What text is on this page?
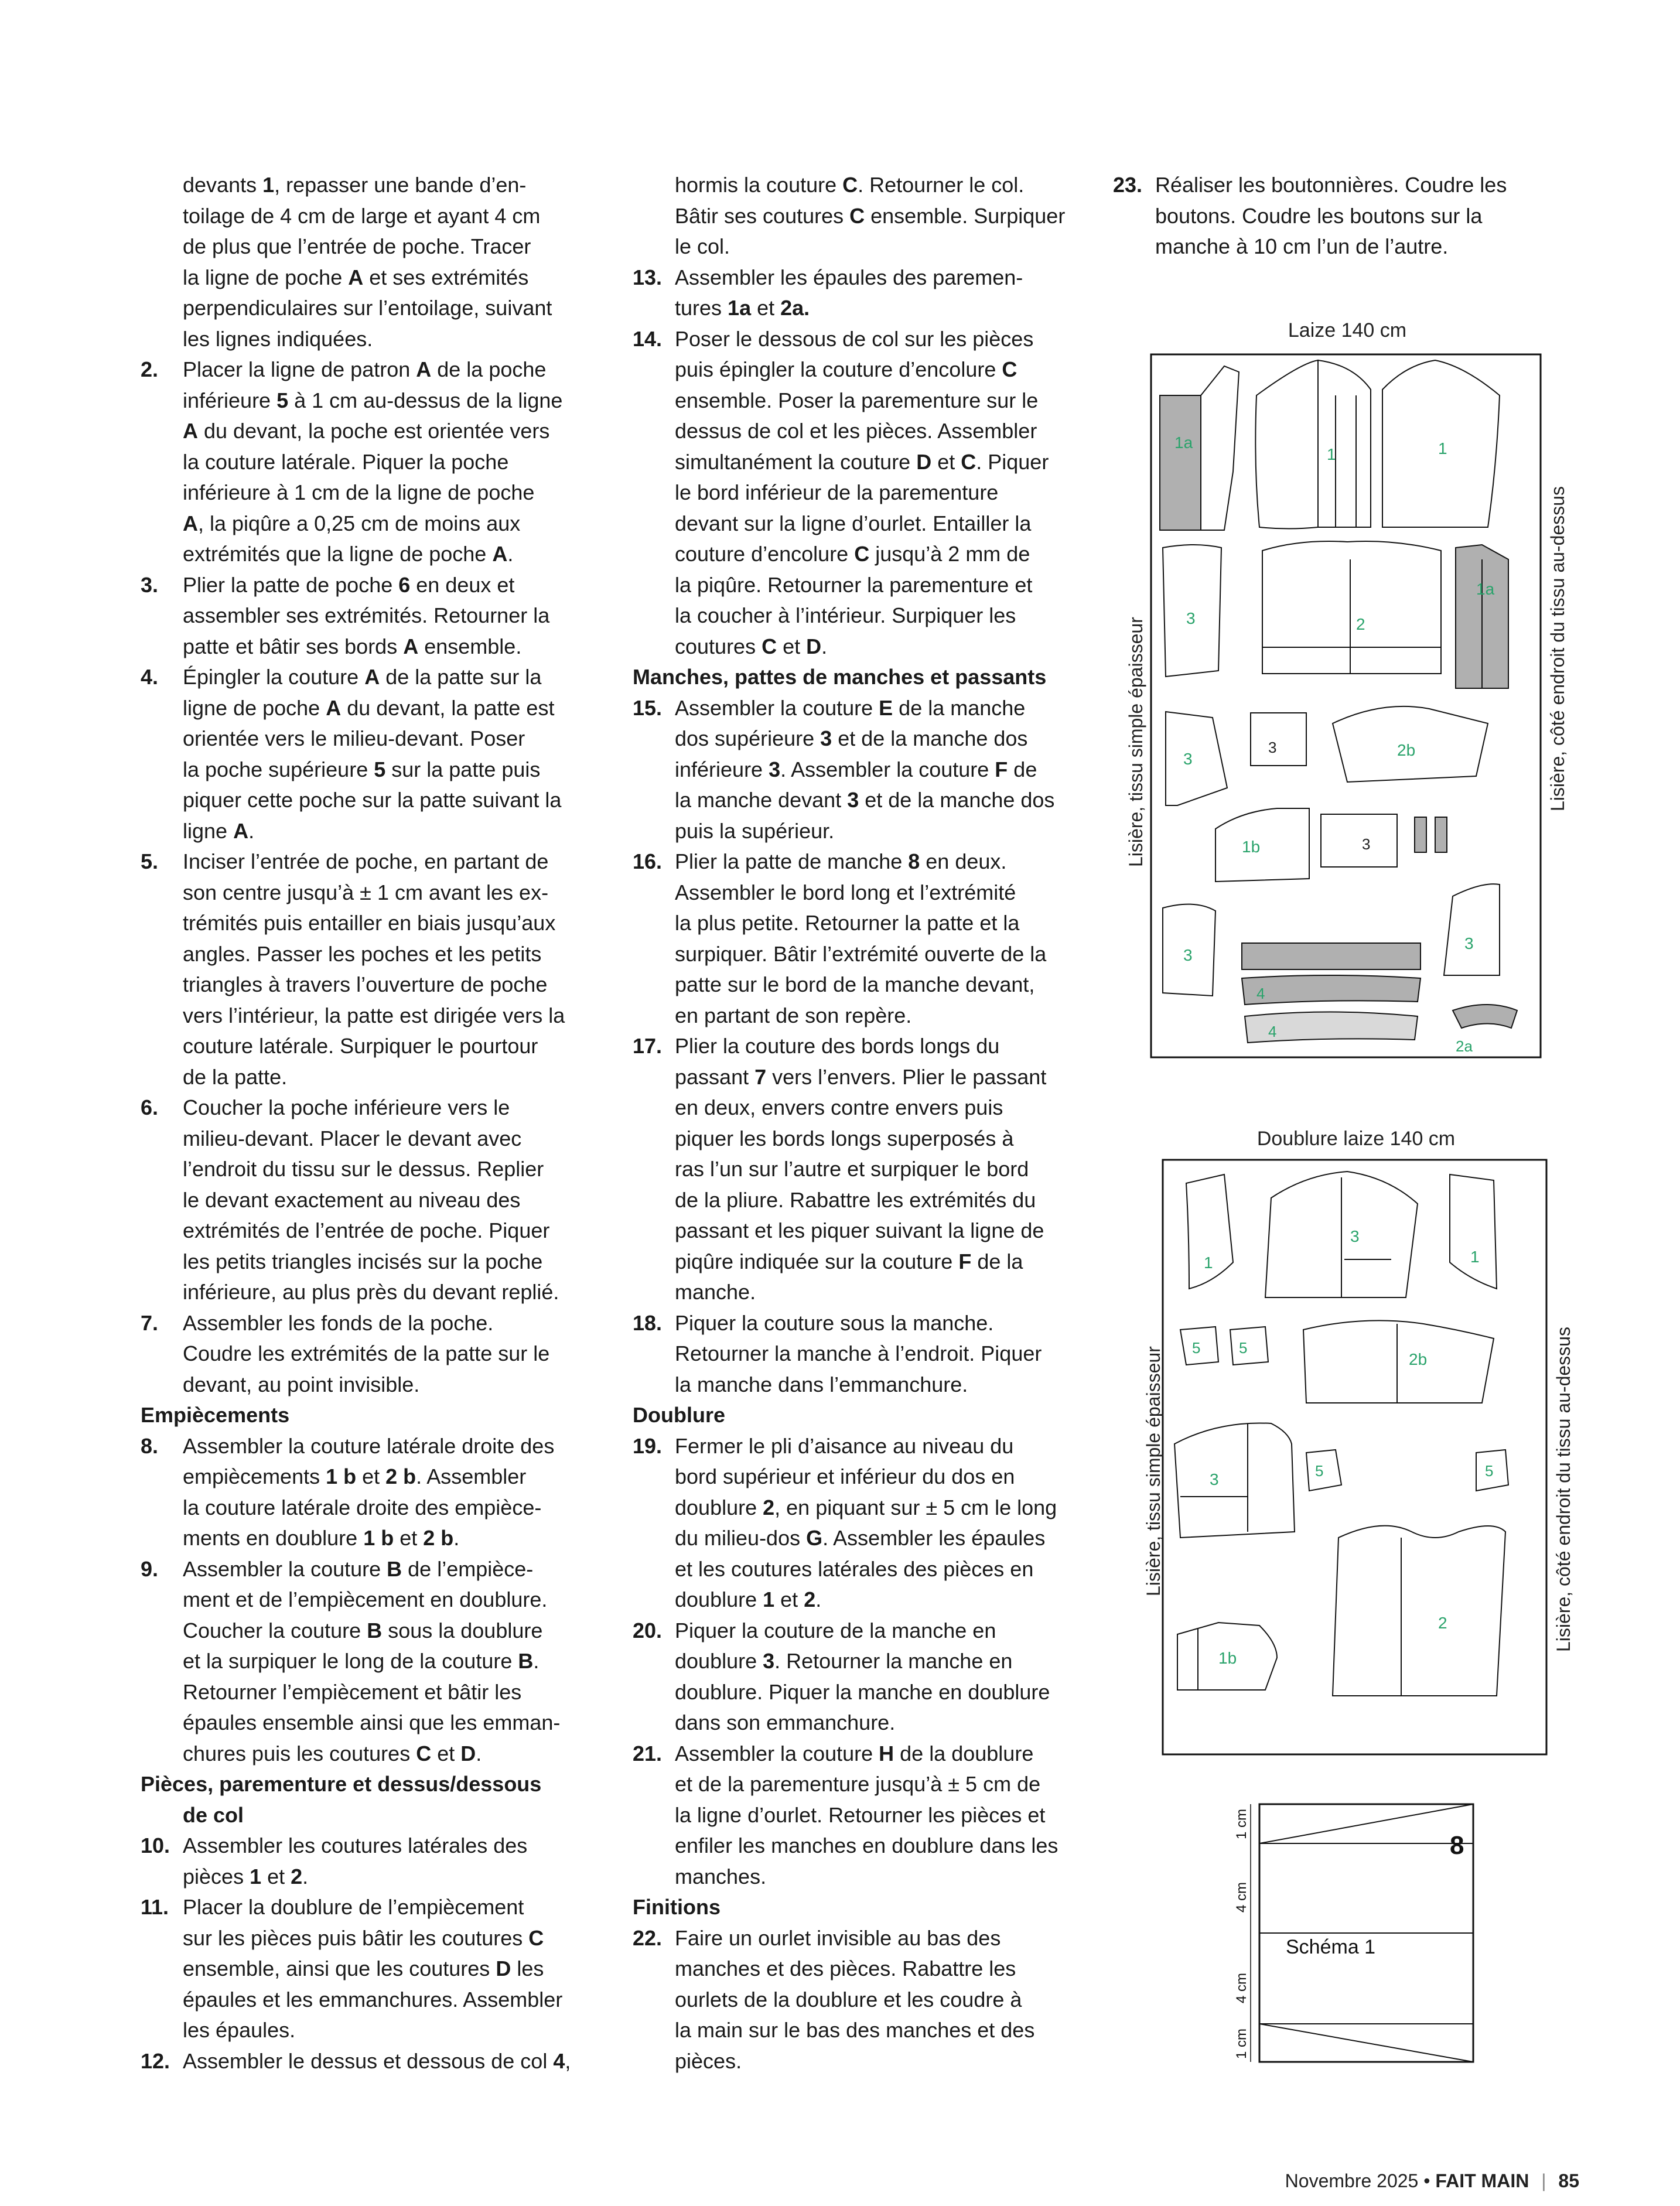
devants 1, repasser une bande d’en-
toilage de 4 cm de large et ayant 4 cm
de plus que l’entrée de poche. Tracer
la ligne de poche A et ses extrémités
perpendiculaires sur l’entoilage, suivant
les lignes indiquées.
2. Placer la ligne de patron A de la poche
inférieure 5 à 1 cm au-dessus de la ligne
A du devant, la poche est orientée vers
la couture latérale. Piquer la poche
inférieure à 1 cm de la ligne de poche
A, la piqûre a 0,25 cm de moins aux
extrémités que la ligne de poche A.
3. Plier la patte de poche 6 en deux et
assembler ses extrémités. Retourner la
patte et bâtir ses bords A ensemble.
4. Épingler la couture A de la patte sur la
ligne de poche A du devant, la patte est
orientée vers le milieu-devant. Poser
la poche supérieure 5 sur la patte puis
piquer cette poche sur la patte suivant la
ligne A.
5. Inciser l’entrée de poche, en partant de
son centre jusqu’à ± 1 cm avant les ex-
trémités puis entailler en biais jusqu’aux
angles. Passer les poches et les petits
triangles à travers l’ouverture de poche
vers l’intérieur, la patte est dirigée vers la
couture latérale. Surpiquer le pourtour
de la patte.
6. Coucher la poche inférieure vers le
milieu-devant. Placer le devant avec
l’endroit du tissu sur le dessus. Replier
le devant exactement au niveau des
extrémités de l’entrée de poche. Piquer
les petits triangles incisés sur la poche
inférieure, au plus près du devant replié.
7. Assembler les fonds de la poche.
Coudre les extrémités de la patte sur le
devant, au point invisible.
Empiècements
8. Assembler la couture latérale droite des
empiècements 1 b et 2 b. Assembler
la couture latérale droite des empièce-
ments en doublure 1 b et 2 b.
9. Assembler la couture B de l’empièce-
ment et de l’empiècement en doublure.
Coucher la couture B sous la doublure
et la surpiquer le long de la couture B.
Retourner l’empiècement et bâtir les
épaules ensemble ainsi que les emman-
chures puis les coutures C et D.
Pièces, parementure et dessus/dessous
de col
10. Assembler les coutures latérales des
pièces 1 et 2.
11. Placer la doublure de l’empiècement
sur les pièces puis bâtir les coutures C
ensemble, ainsi que les coutures D les
épaules et les emmanchures. Assembler
les épaules.
12. Assembler le dessus et dessous de col 4,
hormis la couture C. Retourner le col.
Bâtir ses coutures C ensemble. Surpiquer
le col.
13. Assembler les épaules des paremen-
tures 1a et 2a.
14. Poser le dessous de col sur les pièces
puis épingler la couture d’encolure C
ensemble. Poser la parementure sur le
dessus de col et les pièces. Assembler
simultanément la couture D et C. Piquer
le bord inférieur de la parementure
devant sur la ligne d’ourlet. Entailler la
couture d’encolure C jusqu’à 2 mm de
la piqûre. Retourner la parementure et
la coucher à l’intérieur. Surpiquer les
coutures C et D.
Manches, pattes de manches et passants
15. Assembler la couture E de la manche
dos supérieure 3 et de la manche dos
inférieure 3. Assembler la couture F de
la manche devant 3 et de la manche dos
puis la supérieur.
16. Plier la patte de manche 8 en deux.
Assembler le bord long et l’extrémité
la plus petite. Retourner la patte et la
surpiquer. Bâtir l’extrémité ouverte de la
patte sur le bord de la manche devant,
en partant de son repère.
17. Plier la couture des bords longs du
passant 7 vers l’envers. Plier le passant
en deux, envers contre envers puis
piquer les bords longs superposés à
ras l’un sur l’autre et surpiquer le bord
de la pliure. Rabattre les extrémités du
passant et les piquer suivant la ligne de
piqûre indiquée sur la couture F de la
manche.
18. Piquer la couture sous la manche.
Retourner la manche à l’endroit. Piquer
la manche dans l’emmanchure.
Doublure
19. Fermer le pli d’aisance au niveau du
bord supérieur et inférieur du dos en
doublure 2, en piquant sur ± 5 cm le long
du milieu-dos G. Assembler les épaules
et les coutures latérales des pièces en
doublure 1 et 2.
20. Piquer la couture de la manche en
doublure 3. Retourner la manche en
doublure. Piquer la manche en doublure
dans son emmanchure.
21. Assembler la couture H de la doublure
et de la parementure jusqu’à ± 5 cm de
la ligne d’ourlet. Retourner les pièces et
enfiler les manches en doublure dans les
manches.
Finitions
22. Faire un ourlet invisible au bas des
manches et des pièces. Rabattre les
ourlets de la doublure et les coudre à
la main sur le bas des manches et des
pièces.
23. Réaliser les boutonnières. Coudre les
boutons. Coudre les boutons sur la
manche à 10 cm l’un de l’autre.
Laize 140 cm
Lisière, tissu simple épaisseur	Lisière, côté endroit du tissu au-dessus
1a
1	1
2
1a
3
3
3	2b
1b	3
3
3
4
4
2a
Doublure laize 140 cm
Lisière, tissu simple épaisseur	Lisière, côté endroit du tissu au-dessus
1
3
1
5	5
2b
3	5	5
2
1b
8
Schéma 1
1 cm
4 cm
4 cm
1 cm
Novembre 2025 • FAIT MAIN | 85
